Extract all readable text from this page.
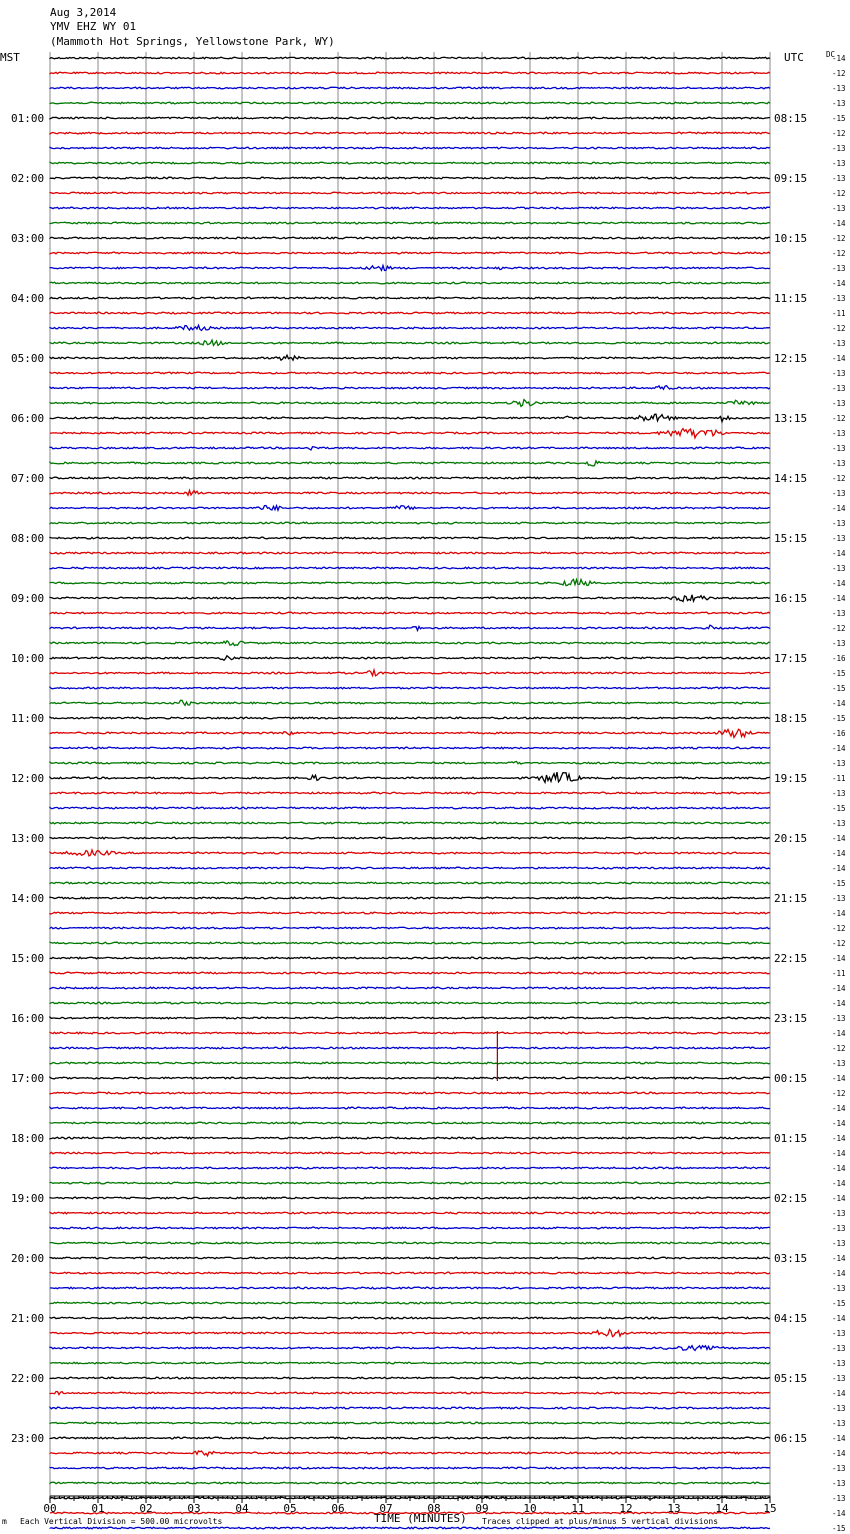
Aug 3,2014
YMV EHZ WY 01
(Mammoth Hot Springs, Yellowstone Park, WY)
MST	UTC	DC
01:00
02:00
03:00
04:00
05:00
06:00
07:00
08:00
09:00
10:00
11:00
12:00
13:00
14:00
15:00
16:00
17:00
18:00
19:00
20:00
21:00
22:00
23:00
08:15
09:15
10:15
11:15
12:15
13:15
14:15
15:15
16:15
17:15
18:15
19:15
20:15
21:15
22:15
23:15
00:15
01:15
02:15
03:15
04:15
05:15
06:15
-14
-12
-13
-13
-15
-12
-13
-13
-13
-12
-13
-14
-12
-12
-13
-14
-13
-11
-12
-13
-14
-13
-13
-13
-12
-13
-13
-13
-12
-13
-14
-13
-13
-14
-13
-14
-14
-13
-12
-13
-16
-15
-15
-14
-15
-16
-14
-13
-11
-13
-15
-13
-14
-14
-14
-15
-13
-14
-12
-12
-14
-11
-14
-14
-13
-14
-12
-13
-14
-12
-14
-14
-14
-14
-14
-14
-14
-13
-13
-13
-14
-14
-13
-15
-14
-13
-13
-13
-13
-14
-13
-13
-14
-14
-13
-13
-13
-14
-15
00	01	02	03	04	05	06	07	08	09	10	11	12	13	14	15
m Each Vertical Division = 500.00 microvolts	TIME (MINUTES) Traces clipped at plus/minus 5 vertical divisions
